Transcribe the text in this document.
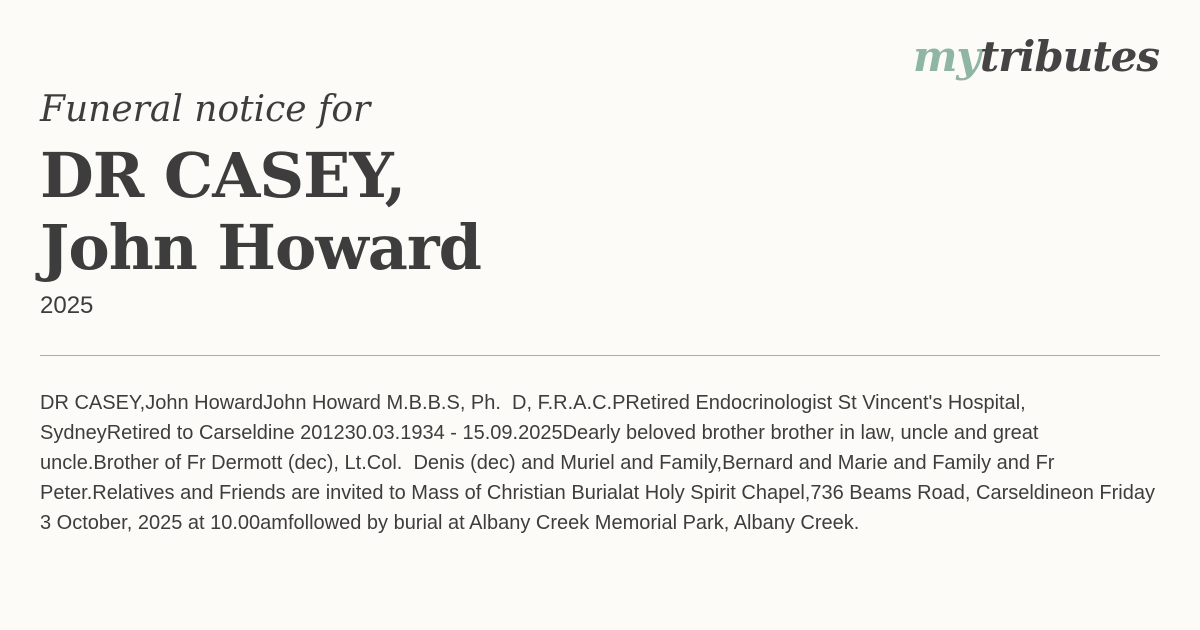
mytributes
Funeral notice for
DR CASEY,
John Howard
2025
DR CASEY,John HowardJohn Howard M.B.B.S, Ph.  D, F.R.A.C.PRetired Endocrinologist St Vincent's Hospital, SydneyRetired to Carseldine 201230.03.1934 - 15.09.2025Dearly beloved brother brother in law, uncle and great uncle.Brother of Fr Dermott (dec), Lt.Col.  Denis (dec) and Muriel and Family,Bernard and Marie and Family and Fr Peter.Relatives and Friends are invited to Mass of Christian Burialat Holy Spirit Chapel,736 Beams Road, Carseldineon Friday 3 October, 2025 at 10.00amfollowed by burial at Albany Creek Memorial Park, Albany Creek.
